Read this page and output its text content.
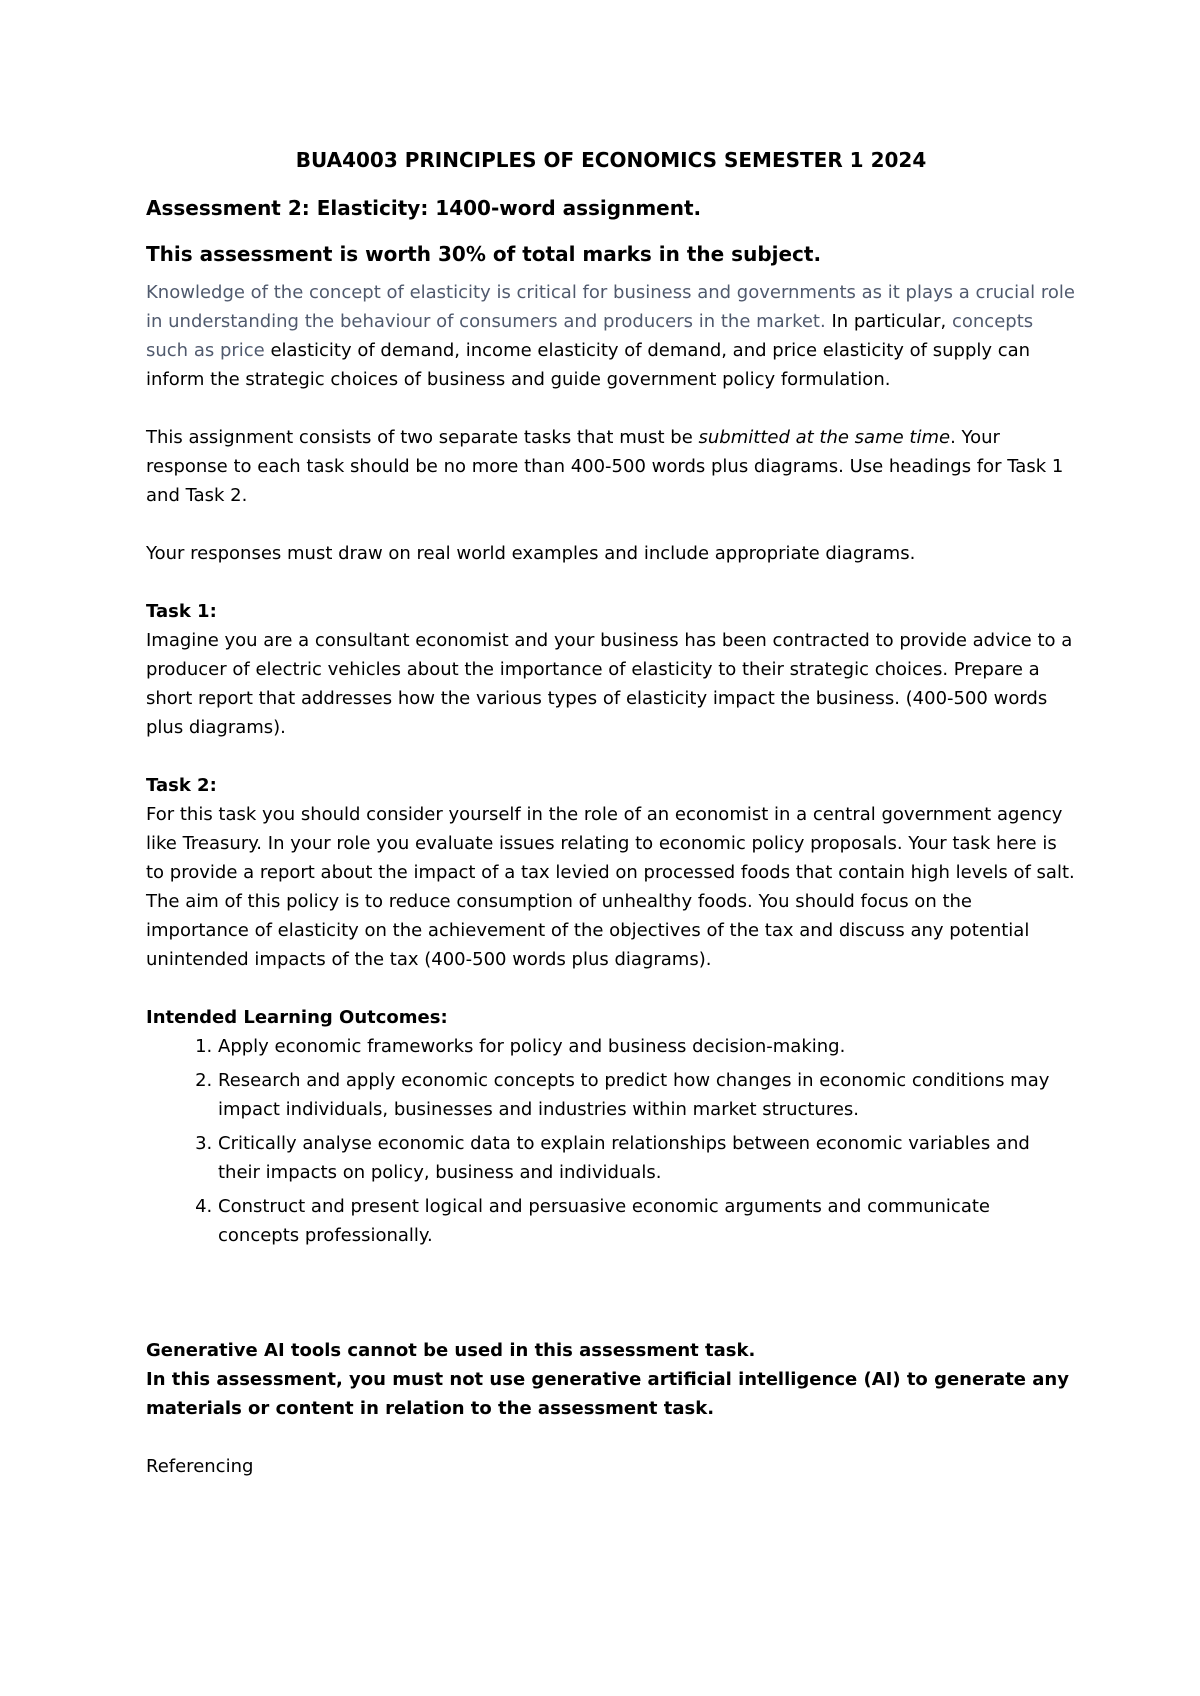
BUA4003 PRINCIPLES OF ECONOMICS SEMESTER 1 2024

Assessment 2: Elasticity: 1400-word assignment.

This assessment is worth 30% of total marks in the subject.

Knowledge of the concept of elasticity is critical for business and governments as it plays a crucial role in understanding the behaviour of consumers and producers in the market. In particular, concepts such as price elasticity of demand, income elasticity of demand, and price elasticity of supply can inform the strategic choices of business and guide government policy formulation.

This assignment consists of two separate tasks that must be submitted at the same time. Your response to each task should be no more than 400-500 words plus diagrams. Use headings for Task 1 and Task 2.

Your responses must draw on real world examples and include appropriate diagrams.

Task 1:

Imagine you are a consultant economist and your business has been contracted to provide advice to a producer of electric vehicles about the importance of elasticity to their strategic choices. Prepare a short report that addresses how the various types of elasticity impact the business. (400-500 words plus diagrams).

Task 2:

For this task you should consider yourself in the role of an economist in a central government agency like Treasury. In your role you evaluate issues relating to economic policy proposals. Your task here is to provide a report about the impact of a tax levied on processed foods that contain high levels of salt. The aim of this policy is to reduce consumption of unhealthy foods. You should focus on the importance of elasticity on the achievement of the objectives of the tax and discuss any potential unintended impacts of the tax (400-500 words plus diagrams).

Intended Learning Outcomes:

1. Apply economic frameworks for policy and business decision-making.
2. Research and apply economic concepts to predict how changes in economic conditions may impact individuals, businesses and industries within market structures.
3. Critically analyse economic data to explain relationships between economic variables and their impacts on policy, business and individuals.
4. Construct and present logical and persuasive economic arguments and communicate concepts professionally.

Generative AI tools cannot be used in this assessment task.

In this assessment, you must not use generative artificial intelligence (AI) to generate any materials or content in relation to the assessment task.

Referencing
